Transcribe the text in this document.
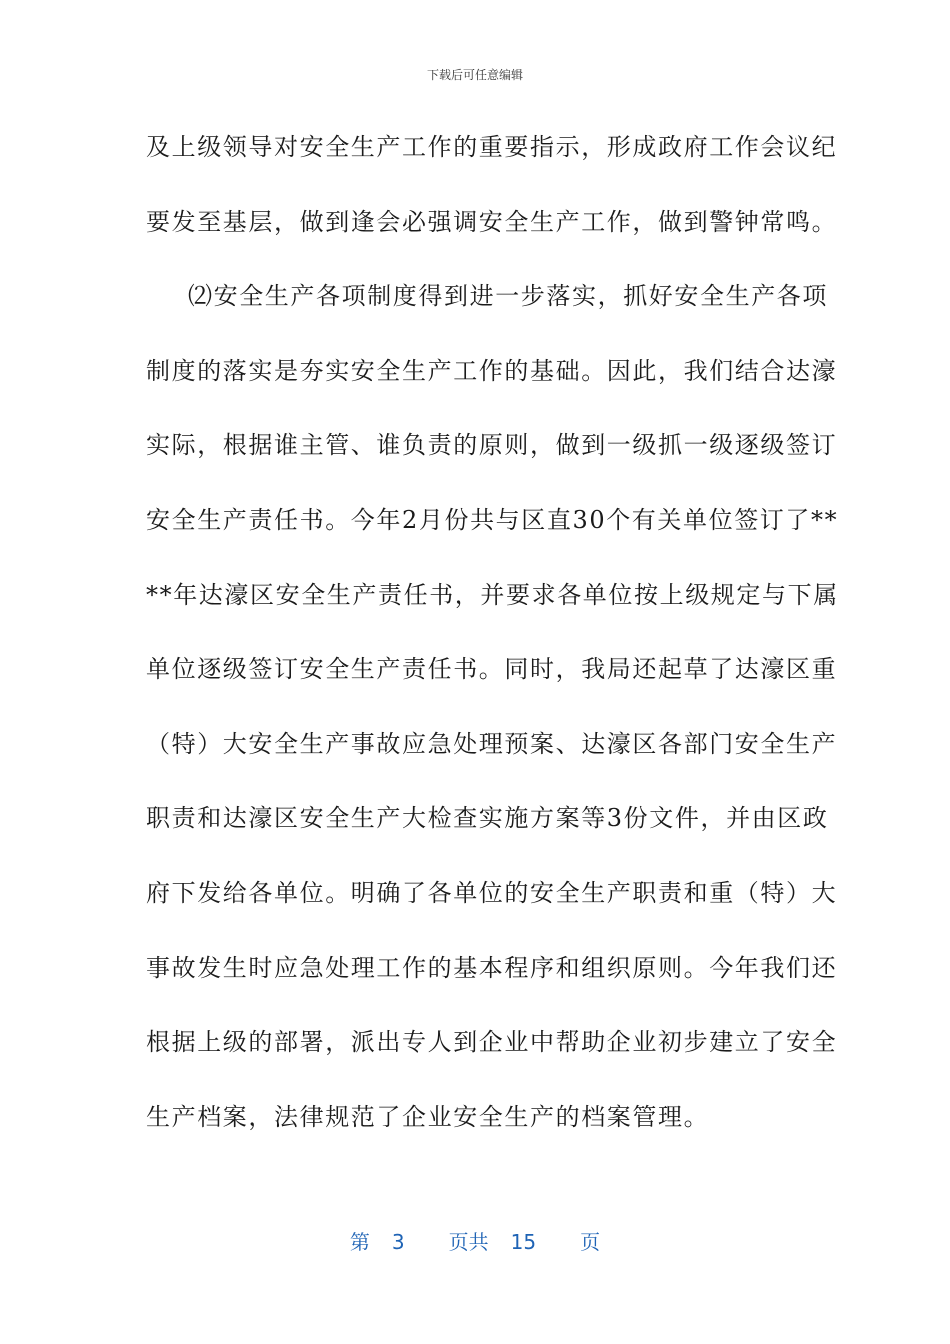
下载后可任意编辑
及上级领导对安全生产工作的重要指示，形成政府工作会议纪
要发至基层，做到逢会必强调安全生产工作，做到警钟常鸣。
⑵安全生产各项制度得到进一步落实，抓好安全生产各项
制度的落实是夯实安全生产工作的基础。因此，我们结合达濠
实际，根据谁主管、谁负责的原则，做到一级抓一级逐级签订
安全生产责任书。今年2月份共与区直30个有关单位签订了**
**年达濠区安全生产责任书，并要求各单位按上级规定与下属
单位逐级签订安全生产责任书。同时，我局还起草了达濠区重
（特）大安全生产事故应急处理预案、达濠区各部门安全生产
职责和达濠区安全生产大检查实施方案等3份文件，并由区政
府下发给各单位。明确了各单位的安全生产职责和重（特）大
事故发生时应急处理工作的基本程序和组织原则。今年我们还
根据上级的部署，派出专人到企业中帮助企业初步建立了安全
生产档案，法律规范了企业安全生产的档案管理。
第 3 页共 15 页
